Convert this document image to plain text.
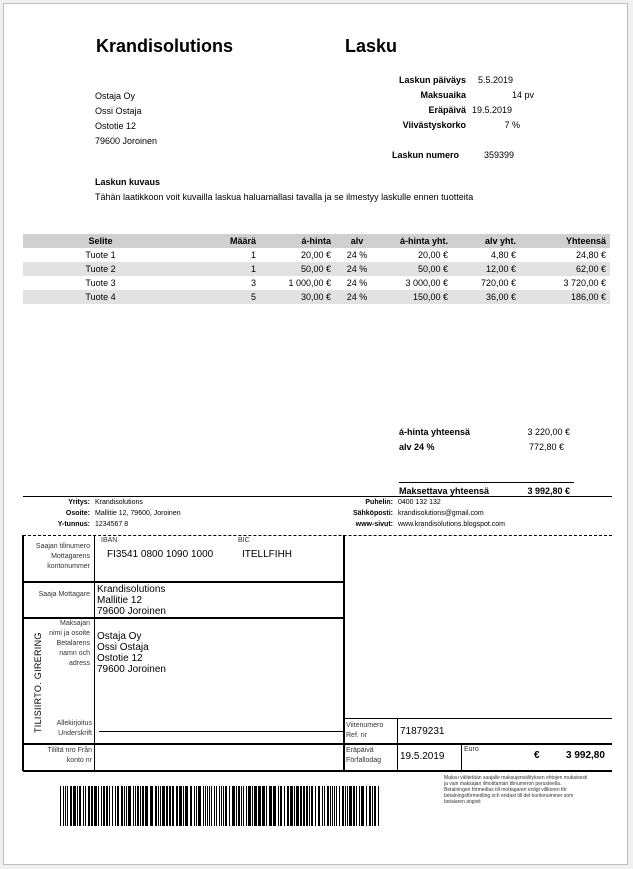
Krandisolutions	Lasku
Ostaja Oy
Ossi Ostaja
Ostotie 12
79600 Joroinen
Laskun päiväys 5.5.2019
Maksuaika	14 pv
Eräpäivä 19.5.2019
Viivästyskorko	7 %
Laskun numero	359399
Laskun kuvaus
Tähän laatikkoon voit kuvailla laskua haluamallasi tavalla ja se ilmestyy laskulle ennen tuotteita
Selite	Määrä	á-hinta	alv	á-hinta yht.	alv yht.	Yhteensä
Tuote 1	1	20,00 €	24 %	20,00 €	4,80 €	24,80 €
Tuote 2	1	50,00 €	24 %	50,00 €	12,00 €	62,00 €
Tuote 3	3	1 000,00 €	24 %	3 000,00 €	720,00 €	3 720,00 €
Tuote 4	5	30,00 €	24 %	150,00 €	36,00 €	186,00 €
á-hinta yhteensä	3 220,00 €
alv 24 %	772,80 €
Maksettava yhteensä	3 992,80 €
Yritys: Krandisolutions
Osoite: Mallitie 12, 79600, Joroinen
Y-tunnus: 1234567 8
Puhelin: 0400 132 132
Sähköposti: krandisolutions@gmail.com
www-sivut: www.krandisolutions.blogspot.com
Saajan tilinumero Mottagarens kontonummer
IBAN
FI3541 0800 1090 1000
BIC
ITELLFIHH
Saaja Mottagare Krandisolutions
Mallitie 12
79600 Joroinen
Maksajan nimi ja osoite Betalarens namn och adress
Ostaja Oy
Ossi Ostaja
Ostotie 12
79600 Joroinen
TILISIIRTO. GIRERING	Allekirjoitus Underskrift
Tililtä nro Från konto nr
Viitenumero Ref. nr	71879231
Eräpäivä Förfallodag	19.5.2019
Euro
€	3 992,80
Maksu välitetään saajalle maksujenvälityksen ehtojen mukaisesti ja vain maksajan ilmoittaman tilinumeron perusteella. Betalningen förmedlas till mottagaren enligt villkoren för betalningsförmedling och endast till det kontonummer som betalaren angivit
